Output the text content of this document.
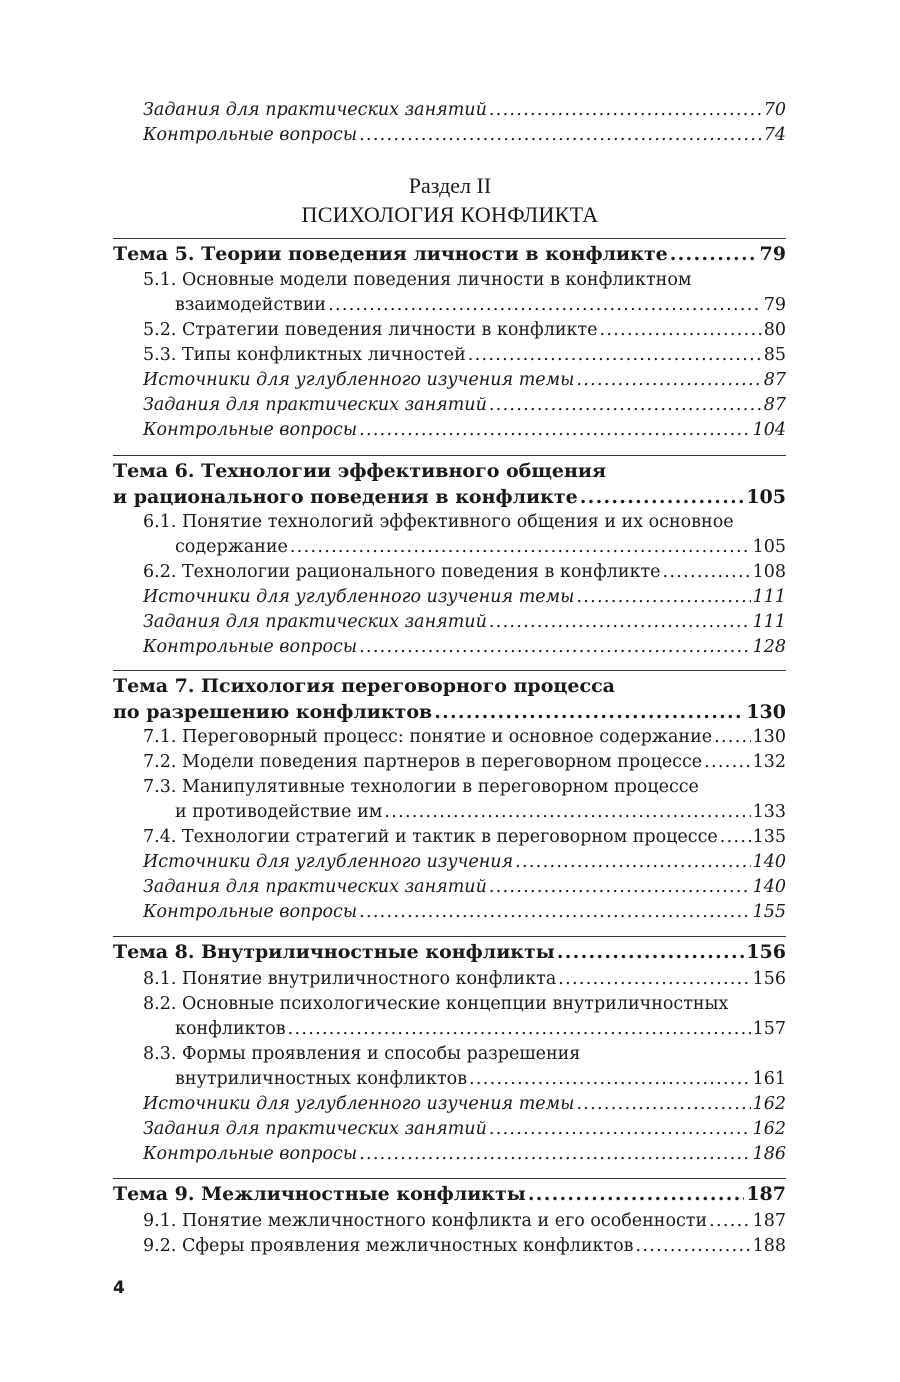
Задания для практических занятий .....	70
Контрольные вопросы .....	74
Раздел II
ПСИХОЛОГИЯ КОНФЛИКТА
Тема 5. Теории поведения личности в конфликте .....	79
5.1. Основные модели поведения личности в конфликтном
взаимодействии .....	79
5.2. Стратегии поведения личности в конфликте .....	80
5.3. Типы конфликтных личностей .....	85
Источники для углубленного изучения темы .....	87
Задания для практических занятий .....	87
Контрольные вопросы .....	104
Тема 6. Технологии эффективного общения
и рационального поведения в конфликте .....	105
6.1. Понятие технологий эффективного общения и их основное
содержание .....	105
6.2. Технологии рационального поведения в конфликте .....	108
Источники для углубленного изучения темы .....	111
Задания для практических занятий .....	111
Контрольные вопросы .....	128
Тема 7. Психология переговорного процесса
по разрешению конфликтов .....	130
7.1. Переговорный процесс: понятие и основное содержание ..... 130
7.2. Модели поведения партнеров в переговорном процессе .....	132
7.3. Манипулятивные технологии в переговорном процессе
и противодействие им .....	133
7.4. Технологии стратегий и тактик в переговорном процессе ..... 135
Источники для углубленного изучения .....	140
Задания для практических занятий .....	140
Контрольные вопросы .....	155
Тема 8. Внутриличностные конфликты .....	156
8.1. Понятие внутриличностного конфликта .....	156
8.2. Основные психологические концепции внутриличностных
конфликтов .....	157
8.3. Формы проявления и способы разрешения
внутриличностных конфликтов .....	161
Источники для углубленного изучения темы .....	162
Задания для практических занятий .....	162
Контрольные вопросы .....	186
Тема 9. Межличностные конфликты .....	187
9.1. Понятие межличностного конфликта и его особенности .....	187
9.2. Сферы проявления межличностных конфликтов .....	188
4
